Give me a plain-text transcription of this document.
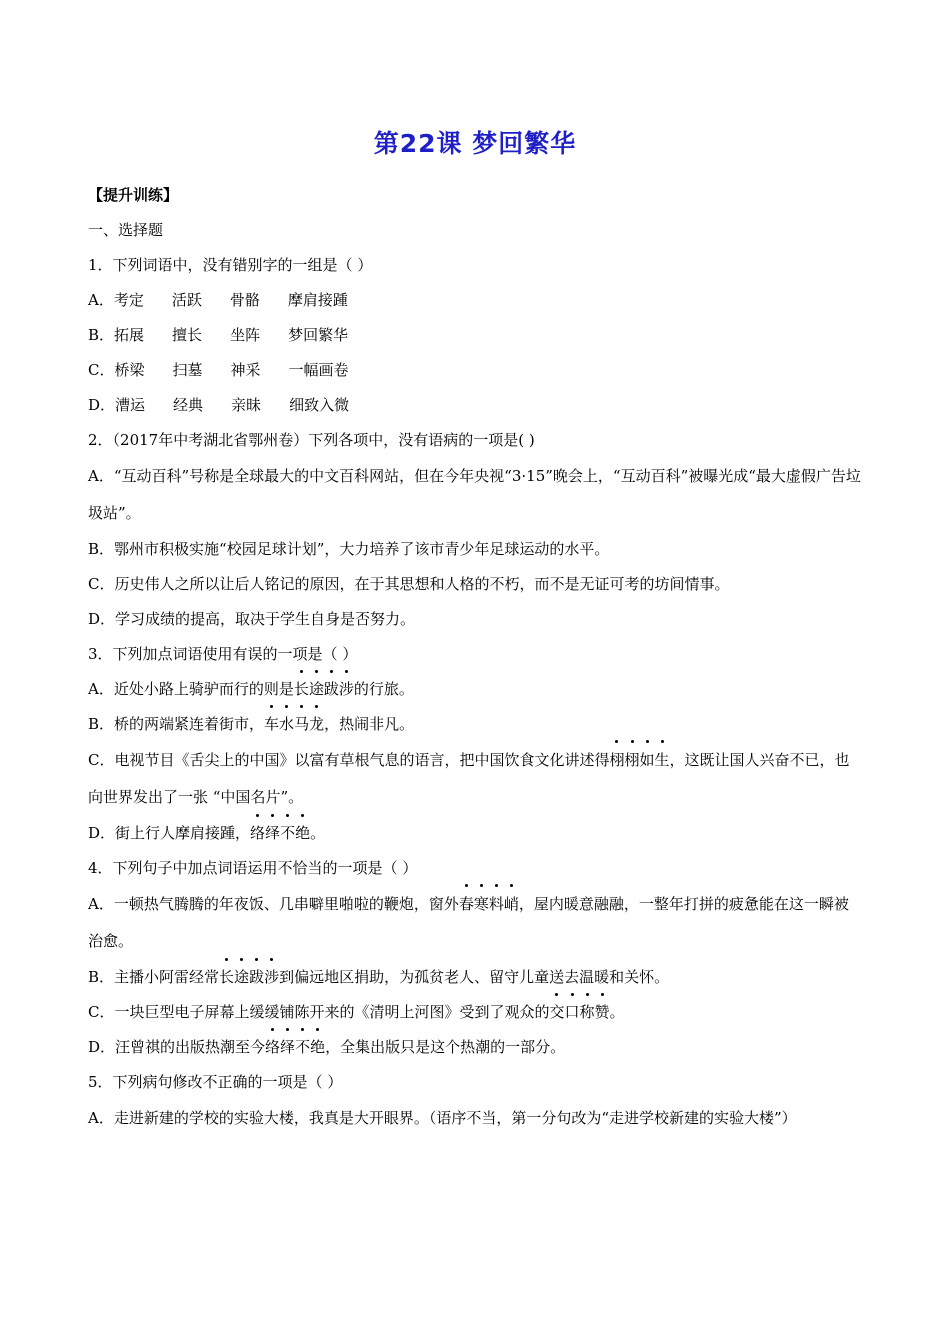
第22课 梦回繁华
【提升训练】
一、选择题
1．下列词语中，没有错别字的一组是（ ）
A．考定 活跃 骨骼 摩肩接踵
B．拓展 擅长 坐阵 梦回繁华
C．桥梁 扫墓 神采 一幅画卷
D．漕运 经典 亲昧 细致入微
2．（2017年中考湖北省鄂州卷）下列各项中，没有语病的一项是( )
A．“互动百科”号称是全球最大的中文百科网站，但在今年央视“3·15”晚会上，“互动百科”被曝光成“最大虚假广告垃圾站”。
B．鄂州市积极实施“校园足球计划”，大力培养了该市青少年足球运动的水平。
C．历史伟人之所以让后人铭记的原因，在于其思想和人格的不朽，而不是无证可考的坊间情事。
D．学习成绩的提高，取决于学生自身是否努力。
3．下列加点词语使用有误的一项是（ ）
A．近处小路上骑驴而行的则是长途跋涉的行旅。
B．桥的两端紧连着街市，车水马龙，热闹非凡。
C．电视节目《舌尖上的中国》以富有草根气息的语言，把中国饮食文化讲述得栩栩如生，这既让国人兴奋不已，也向世界发出了一张 “中国名片”。
D．街上行人摩肩接踵，络绎不绝。
4．下列句子中加点词语运用不恰当的一项是（ ）
A．一顿热气腾腾的年夜饭、几串噼里啪啦的鞭炮，窗外春寒料峭，屋内暖意融融，一整年打拼的疲惫能在这一瞬被治愈。
B．主播小阿雷经常长途跋涉到偏远地区捐助，为孤贫老人、留守儿童送去温暖和关怀。
C．一块巨型电子屏幕上缓缓铺陈开来的《清明上河图》受到了观众的交口称赞。
D．汪曾祺的出版热潮至今络绎不绝，全集出版只是这个热潮的一部分。
5．下列病句修改不正确的一项是（ ）
A．走进新建的学校的实验大楼，我真是大开眼界。（语序不当，第一分句改为“走进学校新建的实验大楼”）
